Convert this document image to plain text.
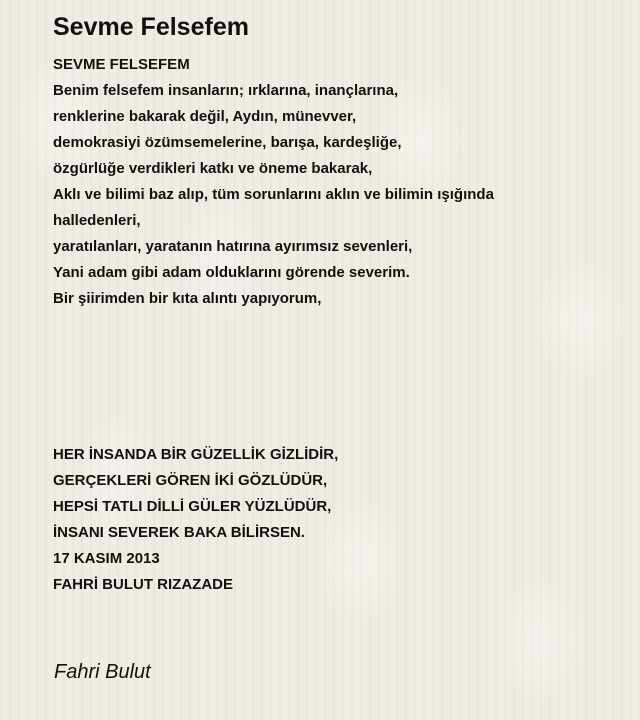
Sevme Felsefem
SEVME FELSEFEM
Benim felsefem insanların; ırklarına, inançlarına,
renklerine bakarak değil, Aydın, münevver,
demokrasiyi özümsemelerine, barışa, kardeşliğe,
özgürlüğe verdikleri katkı ve öneme bakarak,
Aklı ve bilimi baz alıp, tüm sorunlarını aklın ve bilimin ışığında
halledenleri,
yaratılanları, yaratanın hatırına ayırımsız sevenleri,
Yani adam gibi adam olduklarını görende severim.
Bir şiirimden bir kıta alıntı yapıyorum,
HER İNSANDA BİR GÜZELLİK GİZLİDİR,
GERÇEKLERİ GÖREN İKİ GÖZLÜDÜR,
HEPSİ TATLI DİLLİ GÜLER YÜZLÜDÜR,
İNSANI SEVEREK BAKA BİLİRSEN.
17 KASIM 2013
FAHRİ BULUT RIZAZADE
Fahri Bulut
